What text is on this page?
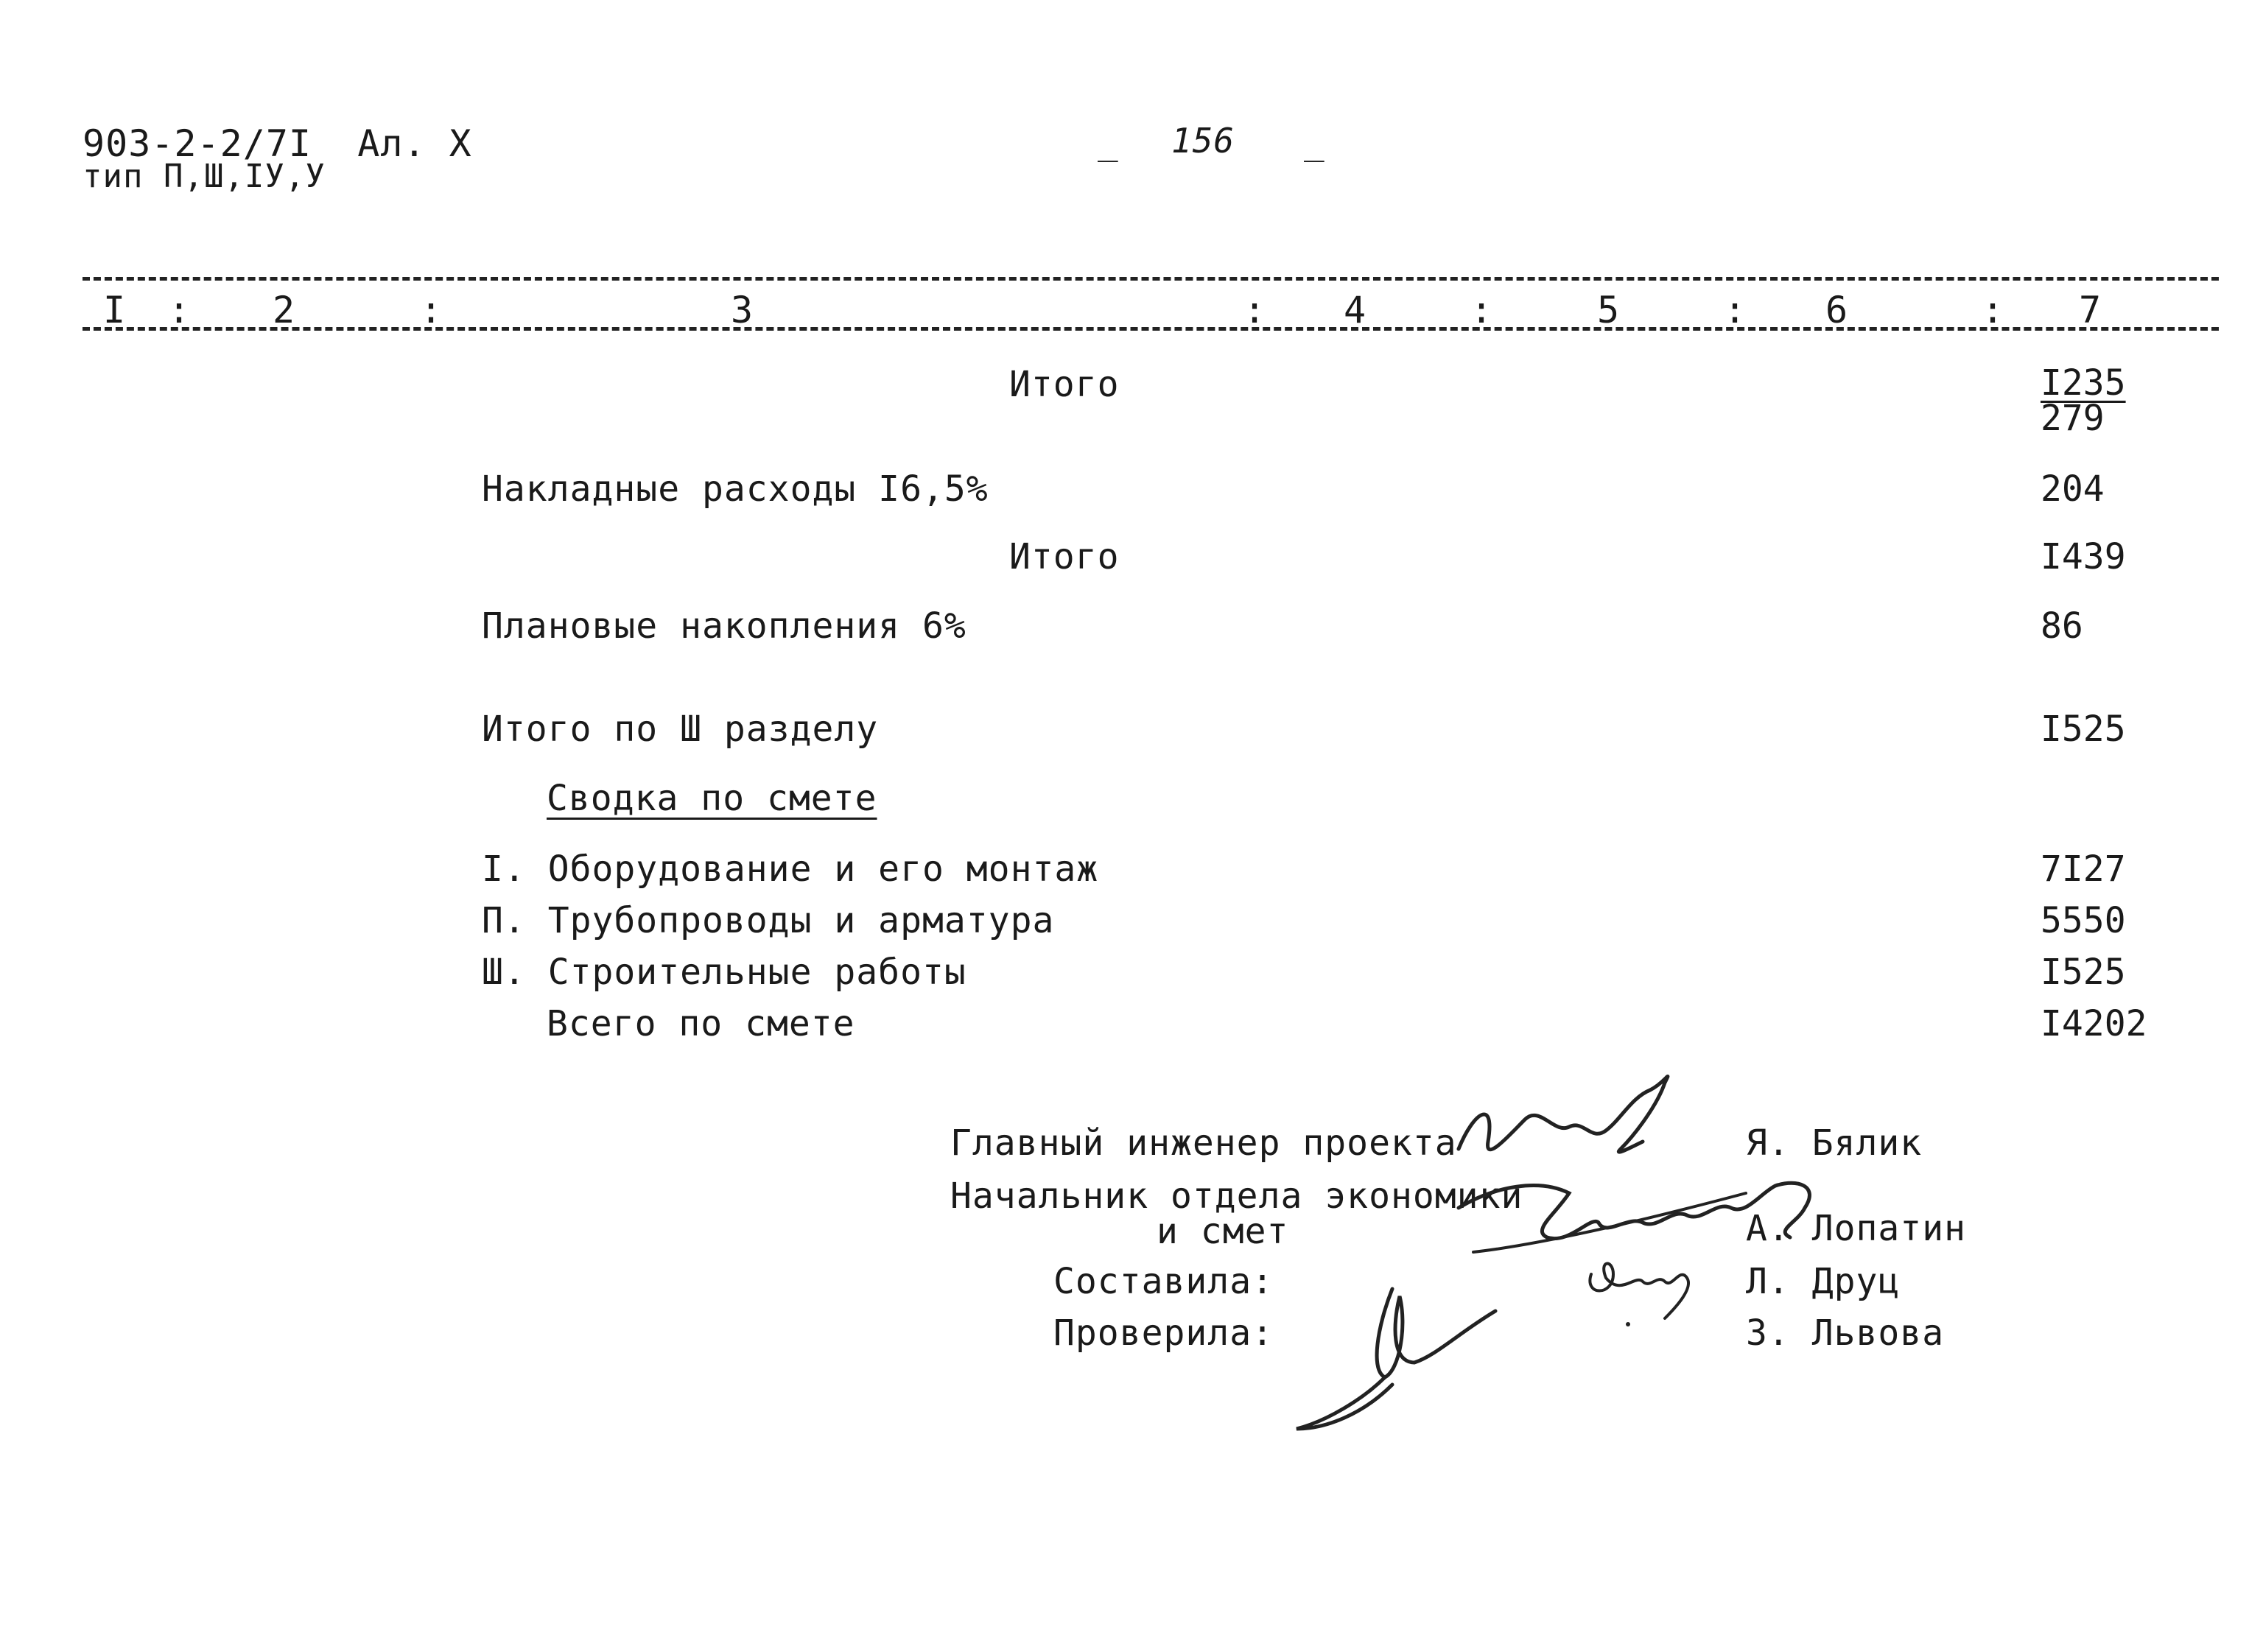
903-2-2/7I  Ал. X
тип П,Ш,IУ,У
_ 156 _
I : 2	:	3	: 4	:	5	: 6	: 7
Итого	I235
279
Накладные расходы I6,5%	204
Итого	I439
Плановые накопления 6%	86
Итого по Ш разделу	I525
Сводка по смете
I. Оборудование и его монтаж	7I27
П. Трубопроводы и арматура	5550
Ш. Строительные работы	I525
Всего по смете	I4202
Главный инженер проекта	Я. Бялик
Начальник отдела экономики
и смет	А. Лопатин
Составила:	Л. Друц
Проверила:	З. Львова
